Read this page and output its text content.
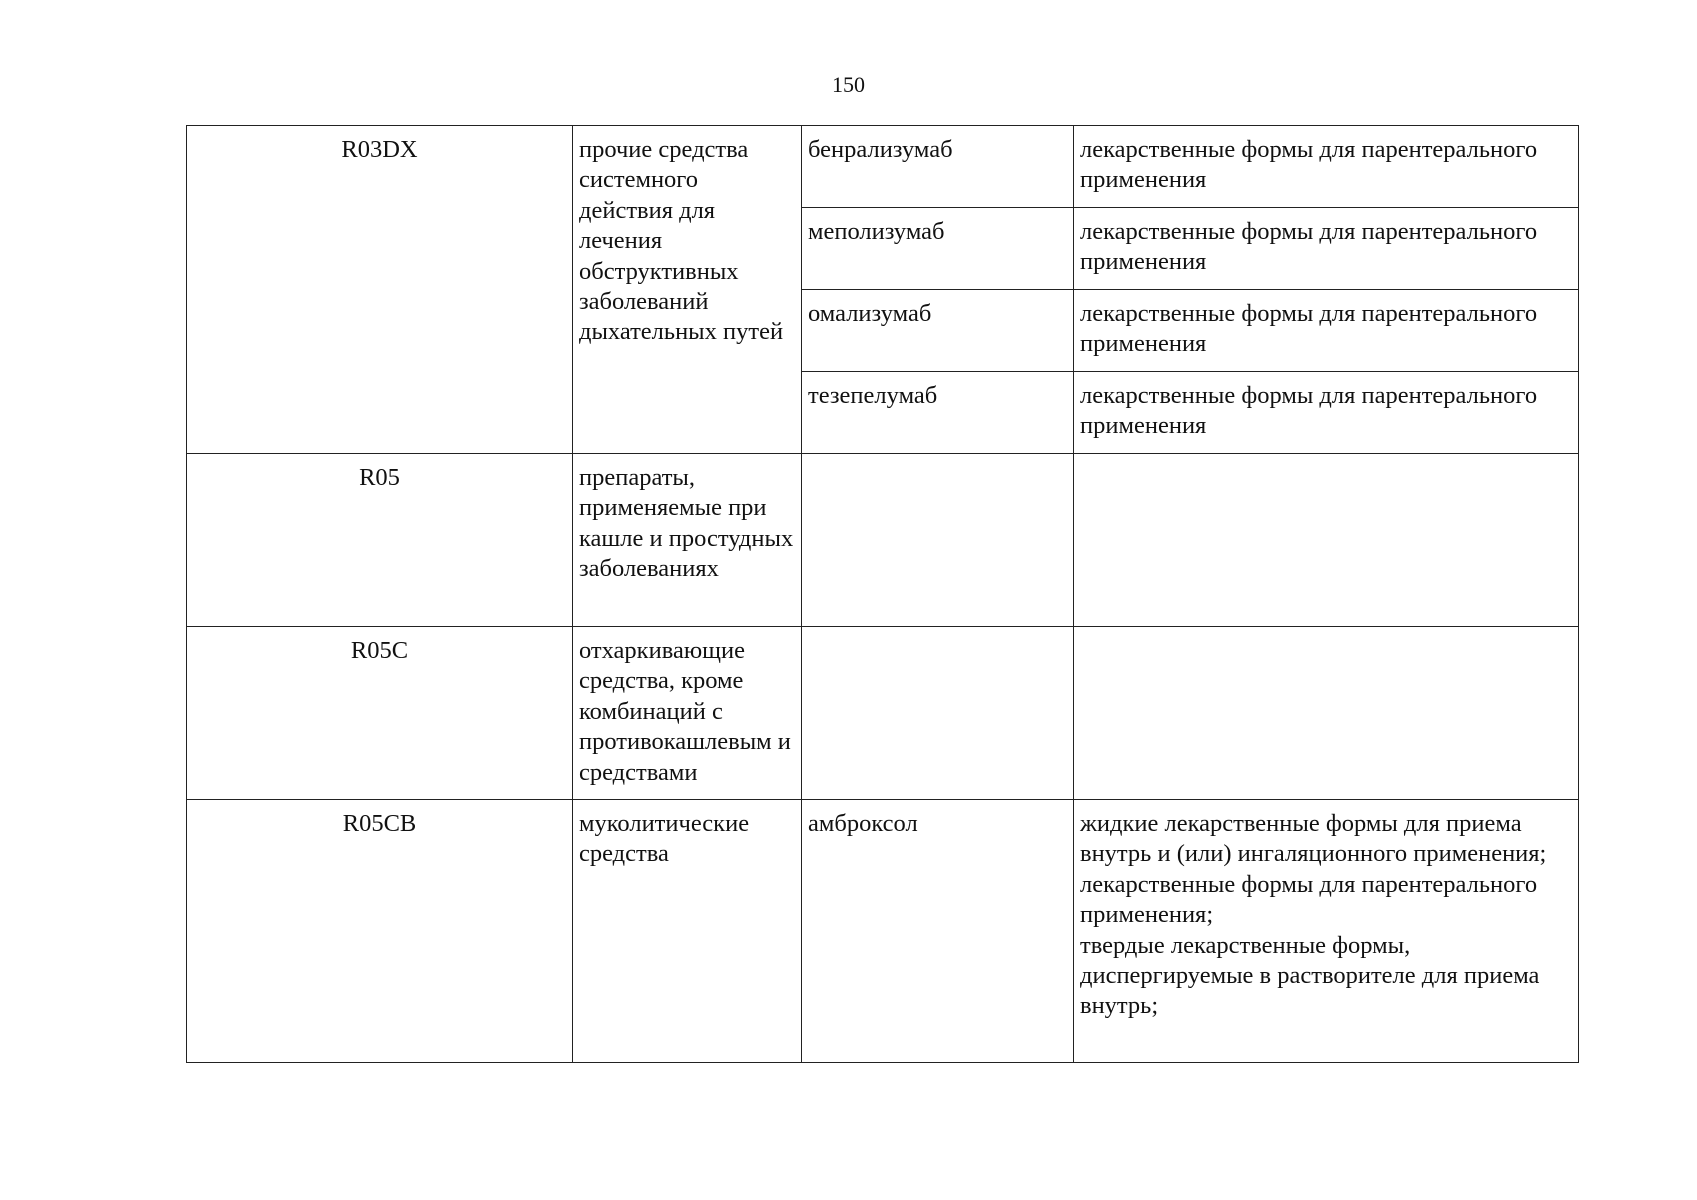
150
R03DX	прочие средства системного действия для лечения обструктивных заболеваний дыхательных путей	бенрализумаб	лекарственные формы для парентерального применения
		меполизумаб	лекарственные формы для парентерального применения
		омализумаб	лекарственные формы для парентерального применения
		тезепелумаб	лекарственные формы для парентерального применения
R05	препараты, применяемые при кашле и простудных заболеваниях		
R05C	отхаркивающие средства, кроме комбинаций с противокашлевым и средствами		
R05CB	муколитические средства	амброксол	жидкие лекарственные формы для приема внутрь и (или) ингаляционного применения;
лекарственные формы для парентерального применения;
твердые лекарственные формы, диспергируемые в растворителе для приема внутрь;
